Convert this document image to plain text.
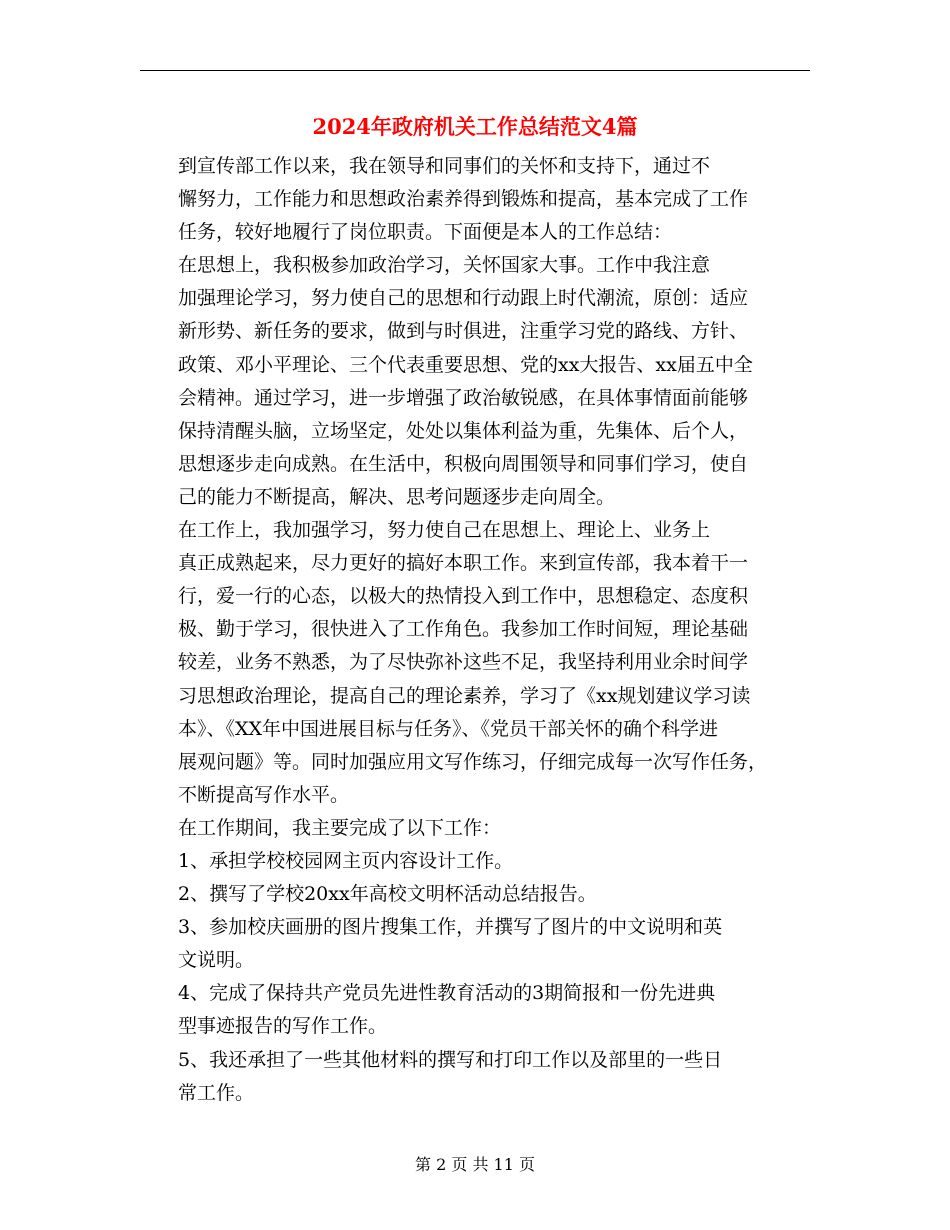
2024年政府机关工作总结范文4篇

到宣传部工作以来，我在领导和同事们的关怀和支持下，通过不
懈努力，工作能力和思想政治素养得到锻炼和提高，基本完成了工作
任务，较好地履行了岗位职责。下面便是本人的工作总结：

在思想上，我积极参加政治学习，关怀国家大事。工作中我注意
加强理论学习，努力使自己的思想和行动跟上时代潮流，原创：适应
新形势、新任务的要求，做到与时俱进，注重学习党的路线、方针、
政策、邓小平理论、三个代表重要思想、党的xx大报告、xx届五中全
会精神。通过学习，进一步增强了政治敏锐感，在具体事情面前能够
保持清醒头脑，立场坚定，处处以集体利益为重，先集体、后个人，
思想逐步走向成熟。在生活中，积极向周围领导和同事们学习，使自
己的能力不断提高，解决、思考问题逐步走向周全。

在工作上，我加强学习，努力使自己在思想上、理论上、业务上
真正成熟起来，尽力更好的搞好本职工作。来到宣传部，我本着干一
行，爱一行的心态，以极大的热情投入到工作中，思想稳定、态度积
极、勤于学习，很快进入了工作角色。我参加工作时间短，理论基础
较差，业务不熟悉，为了尽快弥补这些不足，我坚持利用业余时间学
习思想政治理论，提高自己的理论素养，学习了《xx规划建议学习读
本》、《XX年中国进展目标与任务》、《党员干部关怀的确个科学进
展观问题》等。同时加强应用文写作练习，仔细完成每一次写作任务，
不断提高写作水平。

在工作期间，我主要完成了以下工作：

1、承担学校校园网主页内容设计工作。

2、撰写了学校20xx年高校文明杯活动总结报告。

3、参加校庆画册的图片搜集工作，并撰写了图片的中文说明和英
文说明。

4、完成了保持共产党员先进性教育活动的3期简报和一份先进典
型事迹报告的写作工作。

5、我还承担了一些其他材料的撰写和打印工作以及部里的一些日
常工作。

第 2 页 共 11 页
